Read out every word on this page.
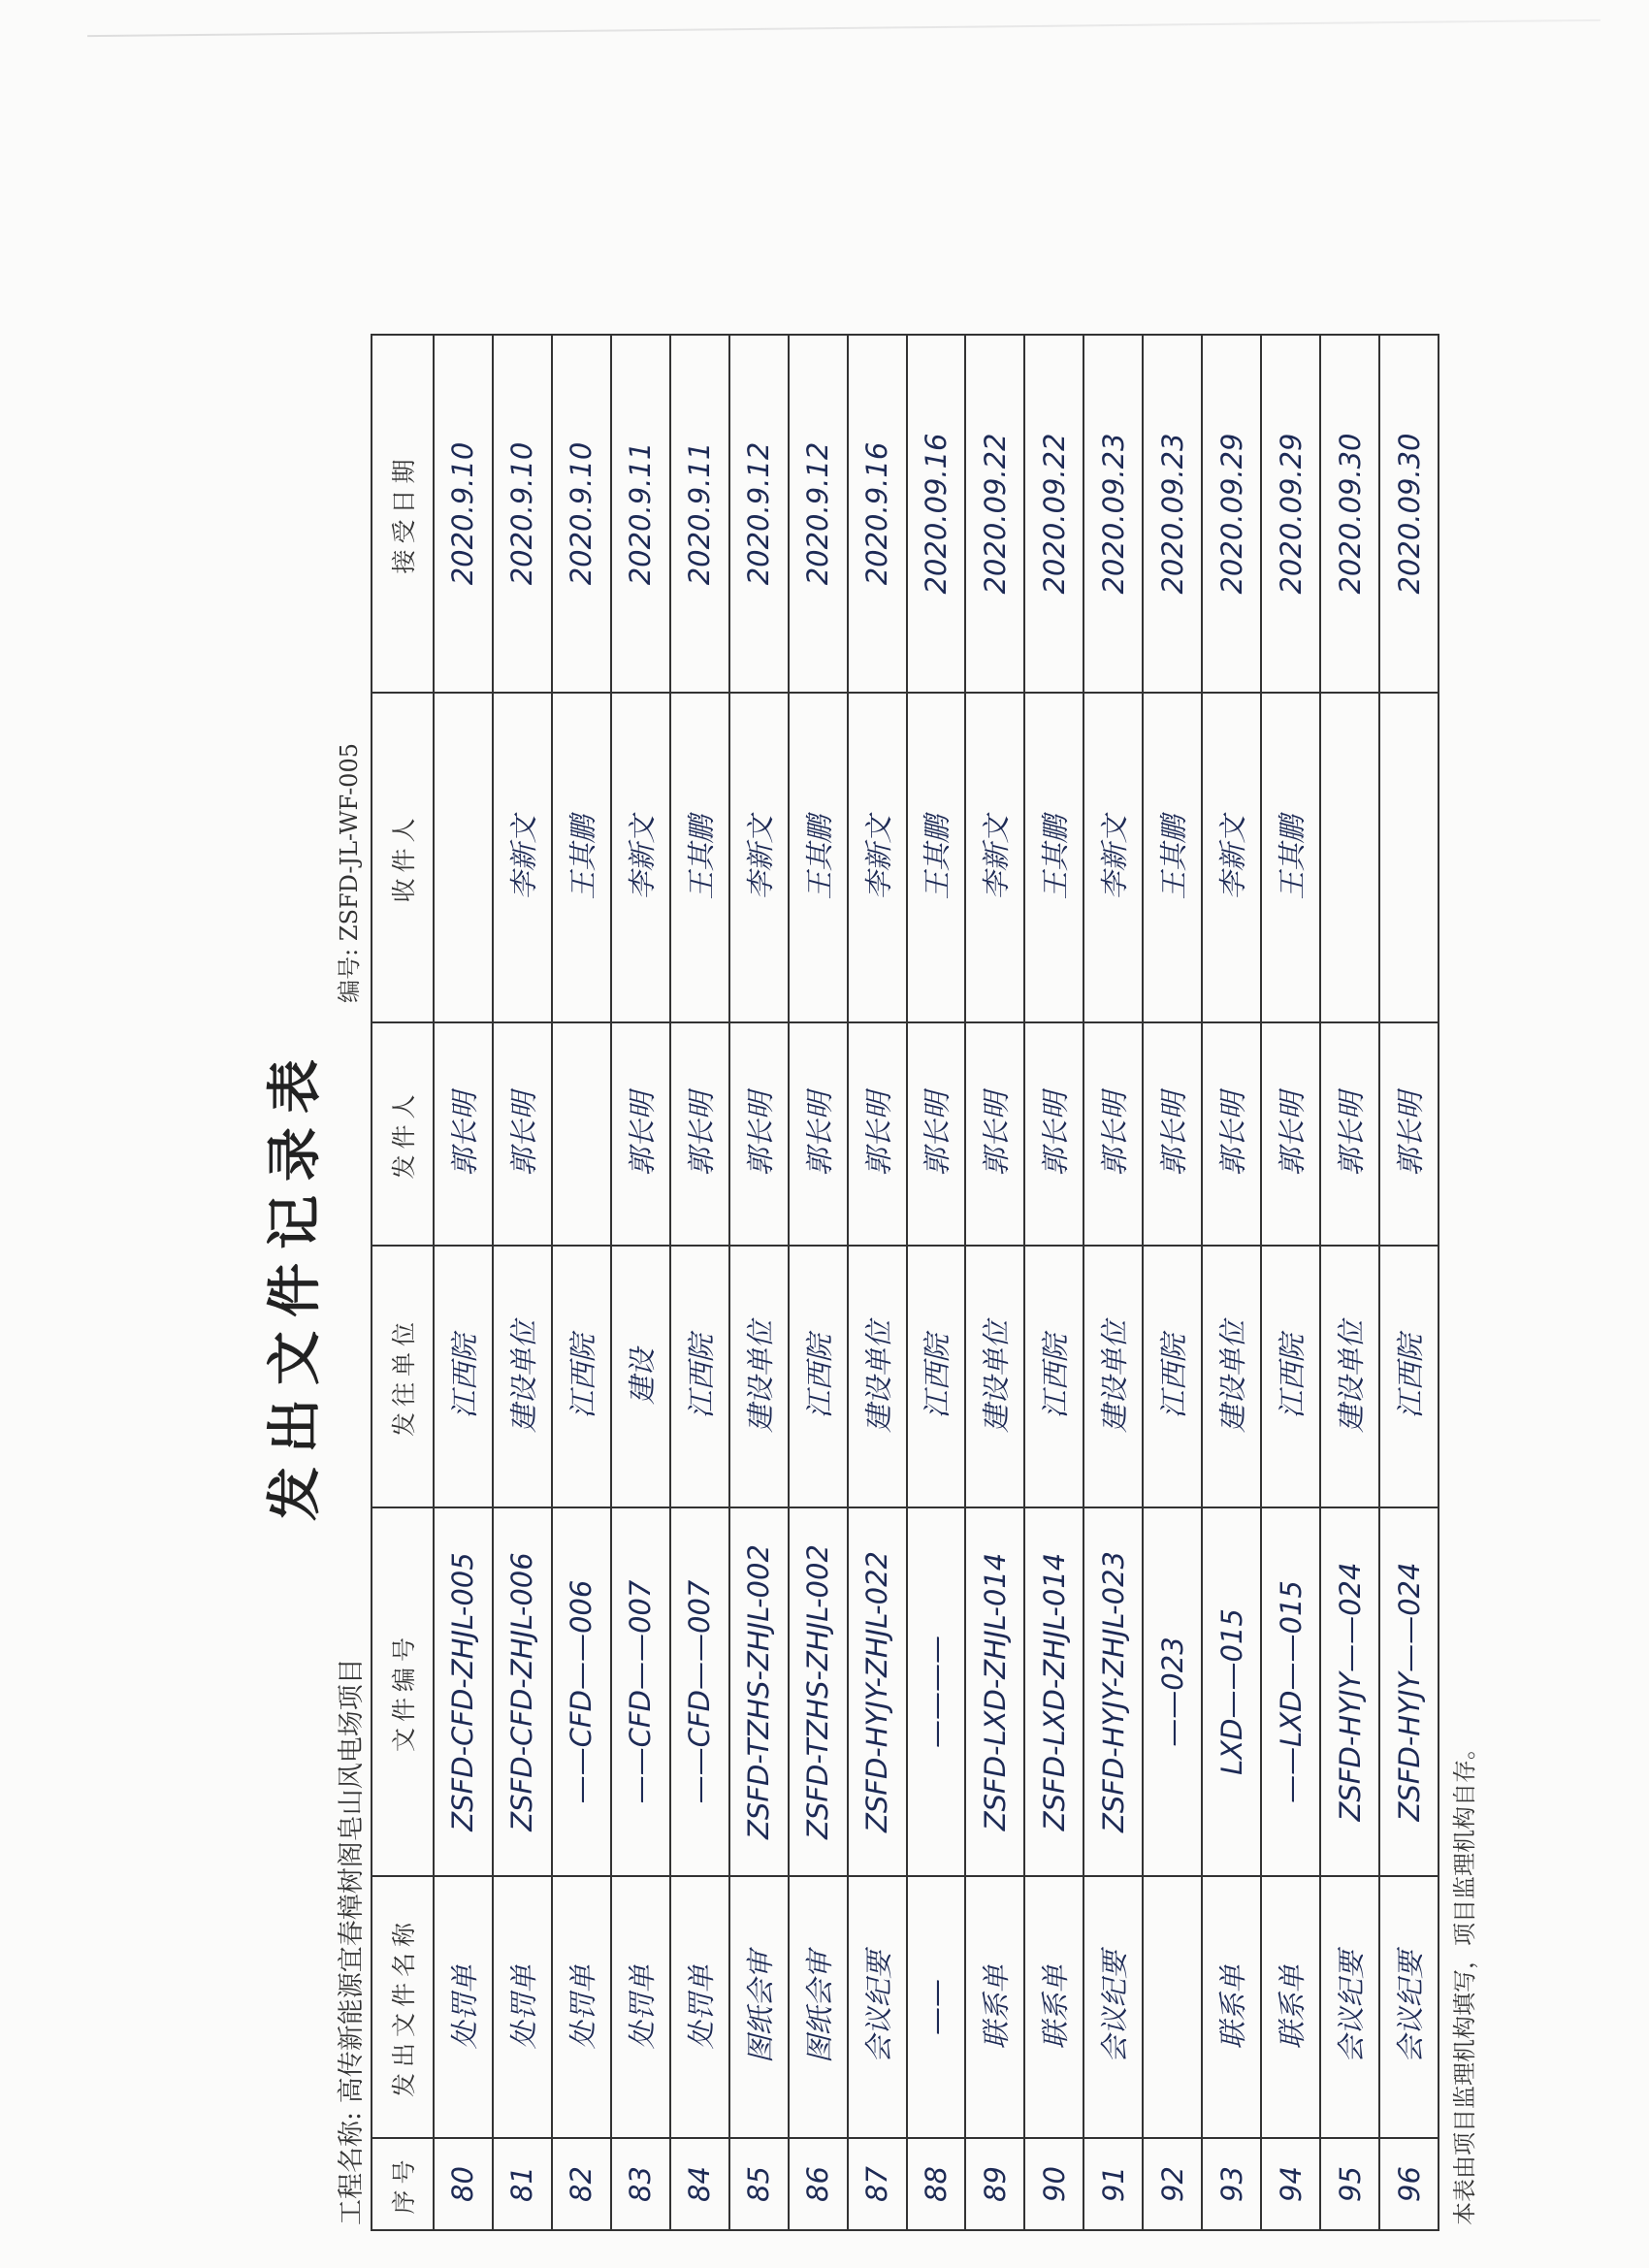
发出文件记录表
工程名称: 高传新能源宜春樟树阁皂山风电场项目
编号: ZSFD-JL-WF-005
序号	发出文件名称	文件编号	发往单位	发件人	收件人	接受日期
80	处罚单	ZSFD-CFD-ZHJL-005	江西院	郭长明		2020.9.10
81	处罚单	ZSFD-CFD-ZHJL-006	建设单位	郭长明	李新文	2020.9.10
82	处罚单	——CFD——006	江西院		王其鹏	2020.9.10
83	处罚单	——CFD——007	建设	郭长明	李新文	2020.9.11
84	处罚单	——CFD——007	江西院	郭长明	王其鹏	2020.9.11
85	图纸会审	ZSFD-TZHS-ZHJL-002	建设单位	郭长明	李新文	2020.9.12
86	图纸会审	ZSFD-TZHS-ZHJL-002	江西院	郭长明	王其鹏	2020.9.12
87	会议纪要	ZSFD-HYJY-ZHJL-022	建设单位	郭长明	李新文	2020.9.16
88	——	————	江西院	郭长明	王其鹏	2020.09.16
89	联系单	ZSFD-LXD-ZHJL-014	建设单位	郭长明	李新文	2020.09.22
90	联系单	ZSFD-LXD-ZHJL-014	江西院	郭长明	王其鹏	2020.09.22
91	会议纪要	ZSFD-HYJY-ZHJL-023	建设单位	郭长明	李新文	2020.09.23
92		——023	江西院	郭长明	王其鹏	2020.09.23
93	联系单	LXD——015	建设单位	郭长明	李新文	2020.09.29
94	联系单	——LXD——015	江西院	郭长明	王其鹏	2020.09.29
95	会议纪要	ZSFD-HYJY——024	建设单位	郭长明		2020.09.30
96	会议纪要	ZSFD-HYJY——024	江西院	郭长明		2020.09.30
本表由项目监理机构填写，项目监理机构自存。
